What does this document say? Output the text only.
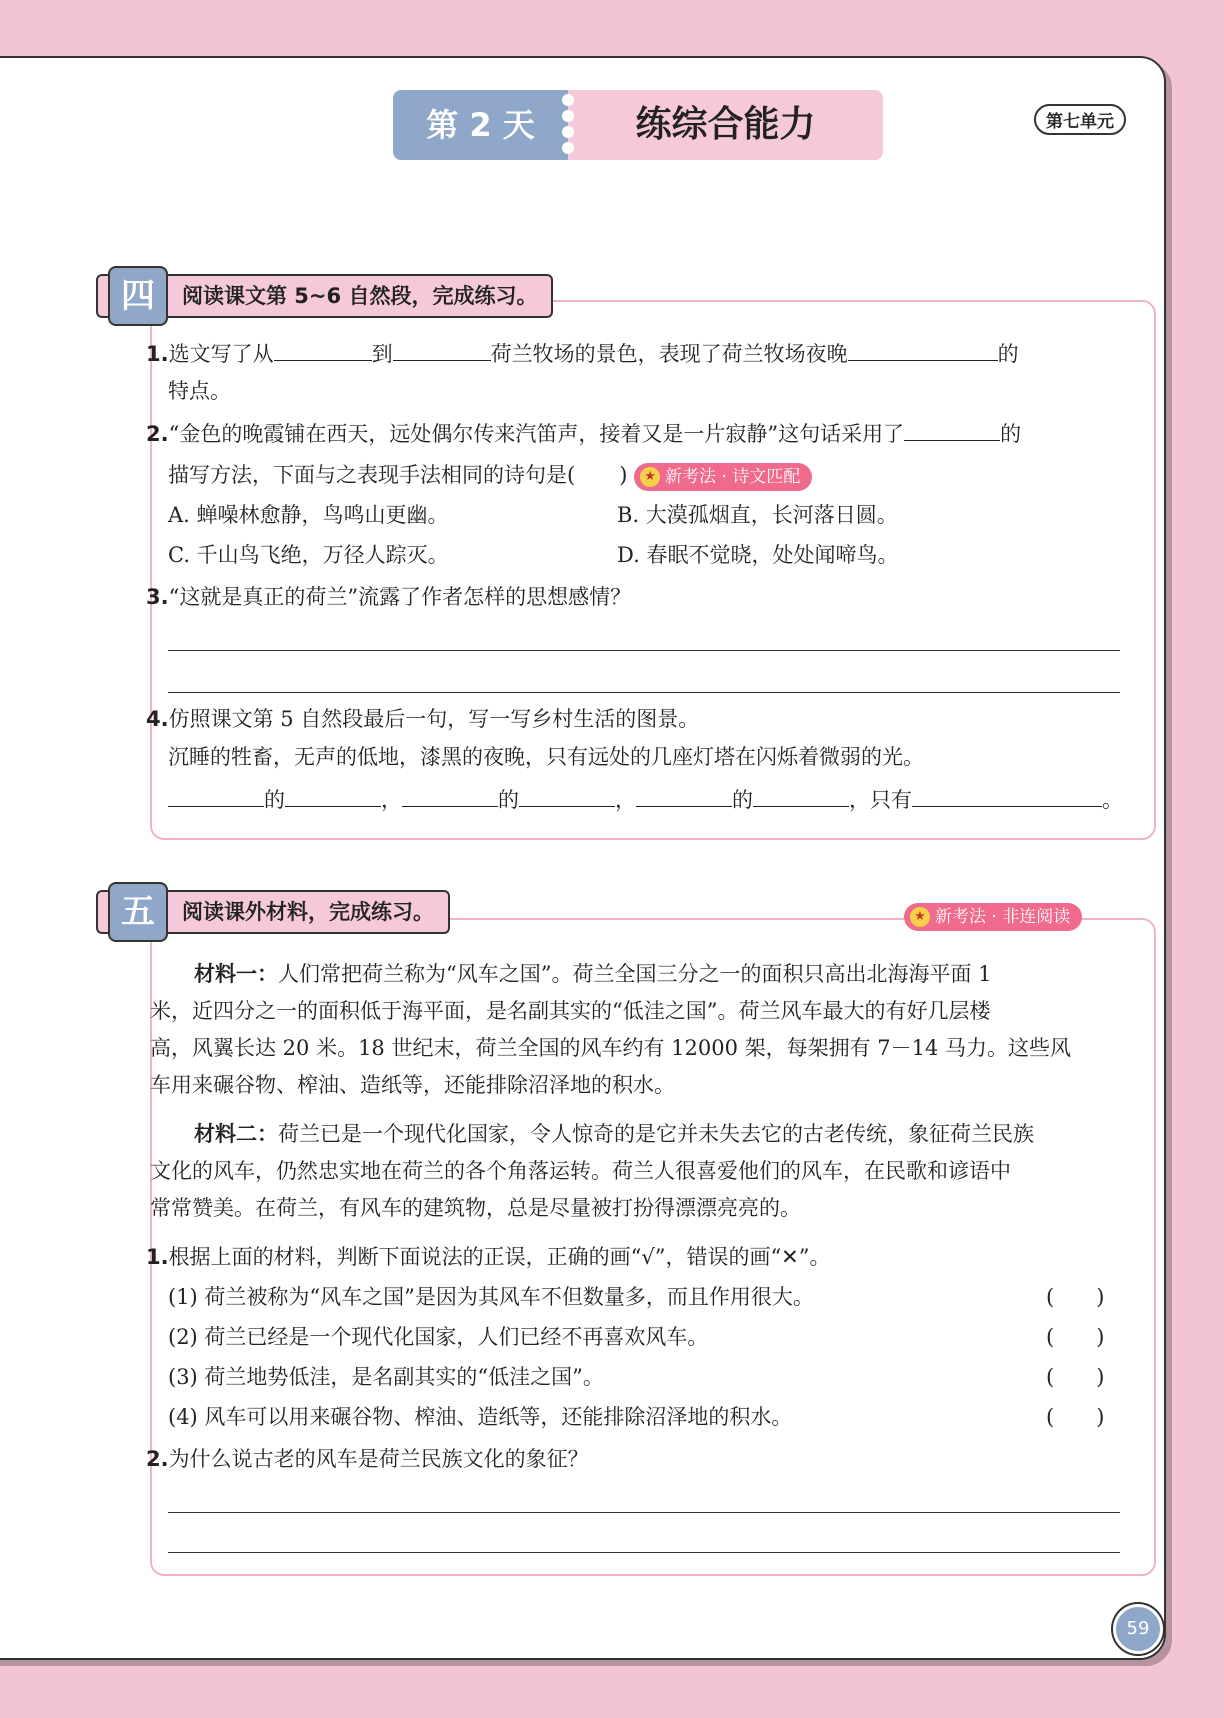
第七单元
第 2 天	练综合能力
四	阅读课文第 5~6 自然段，完成练习。
1.选文写了从	到	荷兰牧场的景色，表现了荷兰牧场夜晚	的
特点。
2.“金色的晚霞铺在西天，远处偶尔传来汽笛声，接着又是一片寂静”这句话采用了	的
描写方法，下面与之表现手法相同的诗句是( ) ★ 新考法 · 诗文匹配
A. 蝉噪林愈静，鸟鸣山更幽。	B. 大漠孤烟直，长河落日圆。
C. 千山鸟飞绝，万径人踪灭。	D. 春眠不觉晓，处处闻啼鸟。
3.“这就是真正的荷兰”流露了作者怎样的思想感情？
4.仿照课文第 5 自然段最后一句，写一写乡村生活的图景。
沉睡的牲畜，无声的低地，漆黑的夜晚，只有远处的几座灯塔在闪烁着微弱的光。
的	，	的	，	的	，只有	。
五	阅读课外材料，完成练习。	★ 新考法 · 非连阅读
材料一：人们常把荷兰称为“风车之国”。荷兰全国三分之一的面积只高出北海海平面 1
米，近四分之一的面积低于海平面，是名副其实的“低洼之国”。荷兰风车最大的有好几层楼
高，风翼长达 20 米。18 世纪末，荷兰全国的风车约有 12000 架，每架拥有 7－14 马力。这些风
车用来碾谷物、榨油、造纸等，还能排除沼泽地的积水。
材料二：荷兰已是一个现代化国家，令人惊奇的是它并未失去它的古老传统，象征荷兰民族
文化的风车，仍然忠实地在荷兰的各个角落运转。荷兰人很喜爱他们的风车，在民歌和谚语中
常常赞美。在荷兰，有风车的建筑物，总是尽量被打扮得漂漂亮亮的。
1.根据上面的材料，判断下面说法的正误，正确的画“√”，错误的画“✕”。
(1) 荷兰被称为“风车之国”是因为其风车不但数量多，而且作用很大。	(　　)
(2) 荷兰已经是一个现代化国家，人们已经不再喜欢风车。	(　　)
(3) 荷兰地势低洼，是名副其实的“低洼之国”。	(　　)
(4) 风车可以用来碾谷物、榨油、造纸等，还能排除沼泽地的积水。	(　　)
2.为什么说古老的风车是荷兰民族文化的象征？
59
